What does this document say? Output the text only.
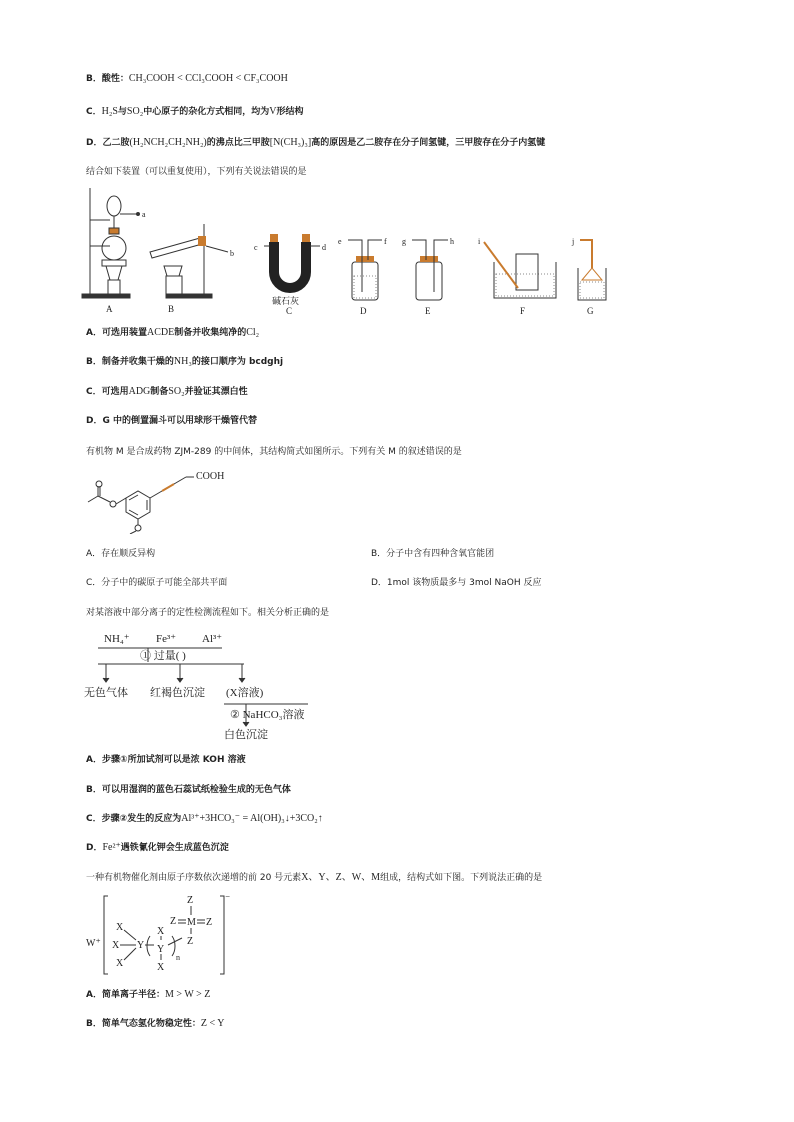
B．酸性：CH₃COOH < CCl₃COOH < CF₃COOH
C．H₂S与SO₂中心原子的杂化方式相同，均为V形结构
D．乙二胺(H₂NCH₂CH₂NH₂)的沸点比三甲胺[N(CH₃)₃]高的原因是乙二胺存在分子间氢键，三甲胺存在分子内氢键
结合如下装置（可以重复使用），下列有关说法错误的是
A
a
B
b
c	d
碱石灰
C
e	f
D
g	h
E
i
F
j
G
A．可选用装置ACDE制备并收集纯净的Cl₂
B．制备并收集干燥的NH₃的接口顺序为 bcdghj
C．可选用ADG制备SO₂并验证其漂白性
D．G 中的倒置漏斗可以用球形干燥管代替
有机物 M 是合成药物 ZJM-289 的中间体，其结构简式如图所示。下列有关 M 的叙述错误的是
COOH
A．存在顺反异构	B．分子中含有四种含氧官能团
C．分子中的碳原子可能全部共平面	D．1mol 该物质最多与 3mol NaOH 反应
对某溶液中部分离子的定性检测流程如下。相关分析正确的是
NH₄⁺ Fe³⁺ Al³⁺
① 过量( )
无色气体 红褐色沉淀 (X溶液)
② NaHCO₃溶液
白色沉淀
A．步骤①所加试剂可以是浓 KOH 溶液
B．可以用湿润的蓝色石蕊试纸检验生成的无色气体
C．步骤②发生的反应为Al³⁺+3HCO₃⁻ = Al(OH)₃↓+3CO₂↑
D．Fe²⁺遇铁氰化钾会生成蓝色沉淀
一种有机物催化剂由原子序数依次递增的前 20 号元素X、Y、Z、W、M组成，结构式如下图。下列说法正确的是
W⁺
⁻
X
X
X
Y
X
Y
X
n
Z M Z
Z
Z
A．简单离子半径：M > W > Z
B．简单气态氢化物稳定性：Z < Y
